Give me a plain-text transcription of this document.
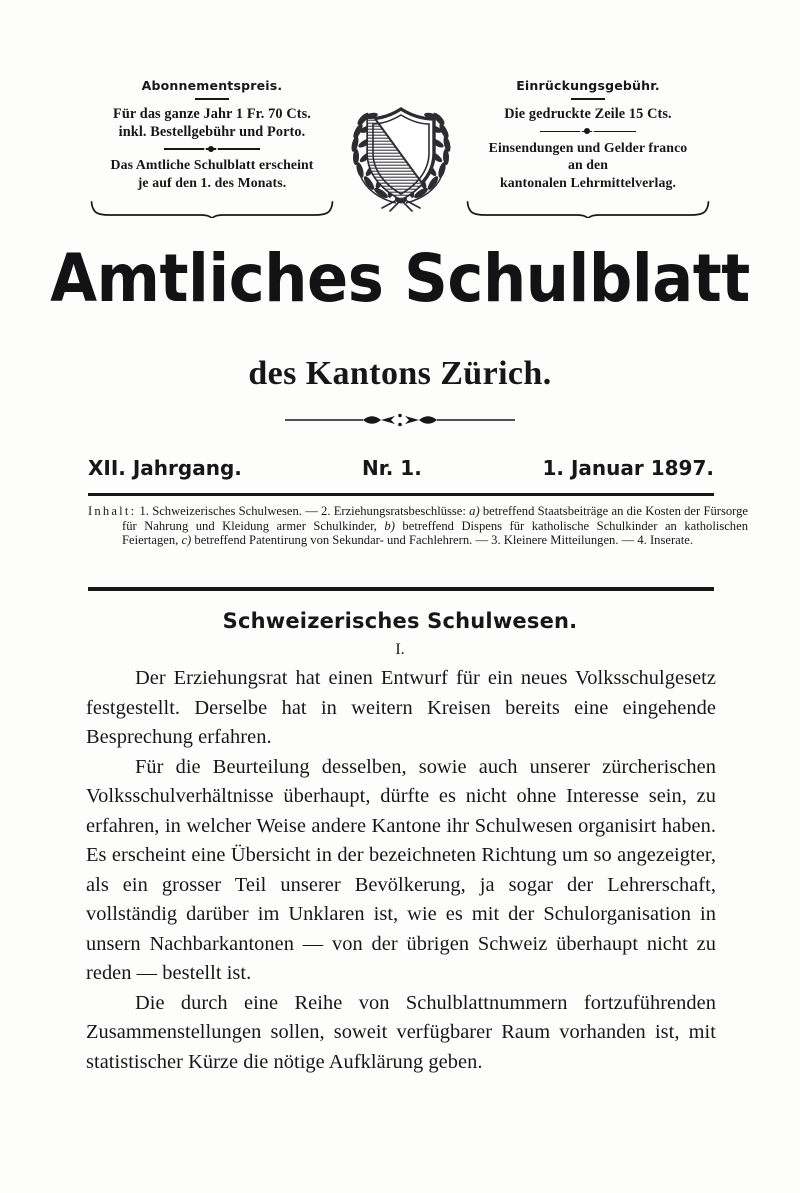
Abonnementspreis.
Für das ganze Jahr 1 Fr. 70 Cts.
inkl. Bestellgebühr und Porto.
Das Amtliche Schulblatt erscheint
je auf den 1. des Monats.
Einrückungsgebühr.
Die gedruckte Zeile 15 Cts.
Einsendungen und Gelder franco
an den
kantonalen Lehrmittelverlag.
Amtliches Schulblatt
des Kantons Zürich.
XII. Jahrgang.	Nr. 1.	1. Januar 1897.
Inhalt: 1. Schweizerisches Schulwesen. — 2. Erziehungsratsbeschlüsse: a) betreffend Staatsbeiträge an die Kosten der Fürsorge für Nahrung und Kleidung armer Schulkinder, b) betreffend Dispens für katholische Schulkinder an katholischen Feiertagen, c) betreffend Patentirung von Sekundar- und Fachlehrern. — 3. Kleinere Mitteilungen. — 4. Inserate.
Schweizerisches Schulwesen.
I.

Der Erziehungsrat hat einen Entwurf für ein neues Volksschulgesetz festgestellt. Derselbe hat in weitern Kreisen bereits eine eingehende Besprechung erfahren.

Für die Beurteilung desselben, sowie auch unserer zürcherischen Volksschulverhältnisse überhaupt, dürfte es nicht ohne Interesse sein, zu erfahren, in welcher Weise andere Kantone ihr Schulwesen organisirt haben. Es erscheint eine Übersicht in der bezeichneten Richtung um so angezeigter, als ein grosser Teil unserer Bevölkerung, ja sogar der Lehrerschaft, vollständig darüber im Unklaren ist, wie es mit der Schulorganisation in unsern Nachbarkantonen — von der übrigen Schweiz überhaupt nicht zu reden — bestellt ist.

Die durch eine Reihe von Schulblattnummern fortzuführenden Zusammenstellungen sollen, soweit verfügbarer Raum vorhanden ist, mit statistischer Kürze die nötige Aufklärung geben.
